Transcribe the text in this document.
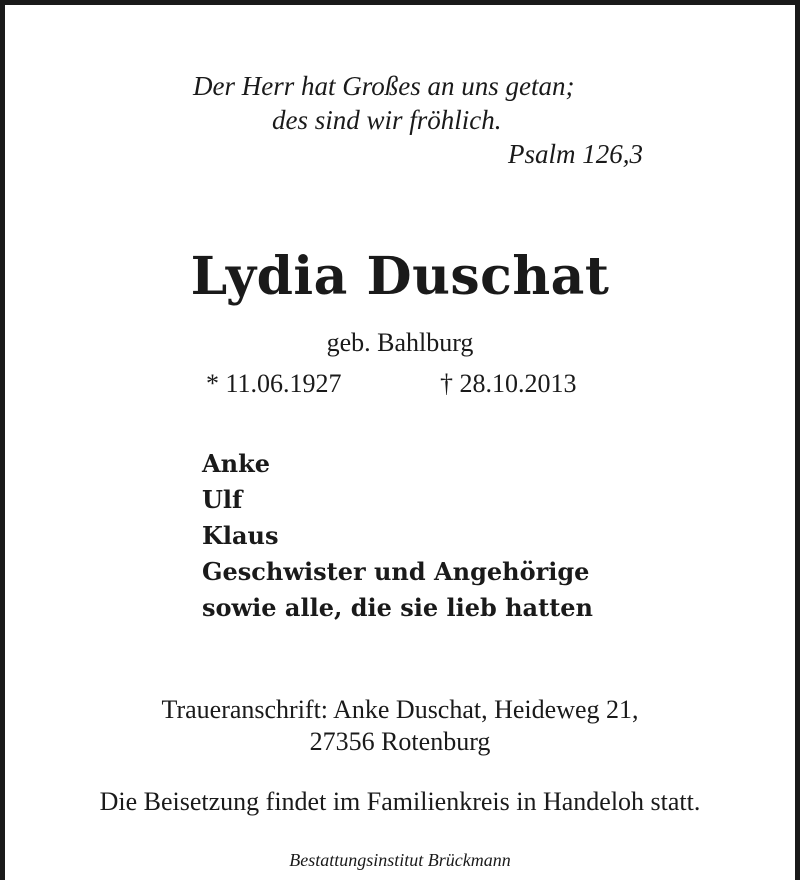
Der Herr hat Großes an uns getan;
des sind wir fröhlich.
Psalm 126,3
Lydia Duschat
geb. Bahlburg
* 11.06.1927	† 28.10.2013
Anke
Ulf
Klaus
Geschwister und Angehörige
sowie alle, die sie lieb hatten
Traueranschrift: Anke Duschat, Heideweg 21,
27356 Rotenburg
Die Beisetzung findet im Familienkreis in Handeloh statt.
Bestattungsinstitut Brückmann
